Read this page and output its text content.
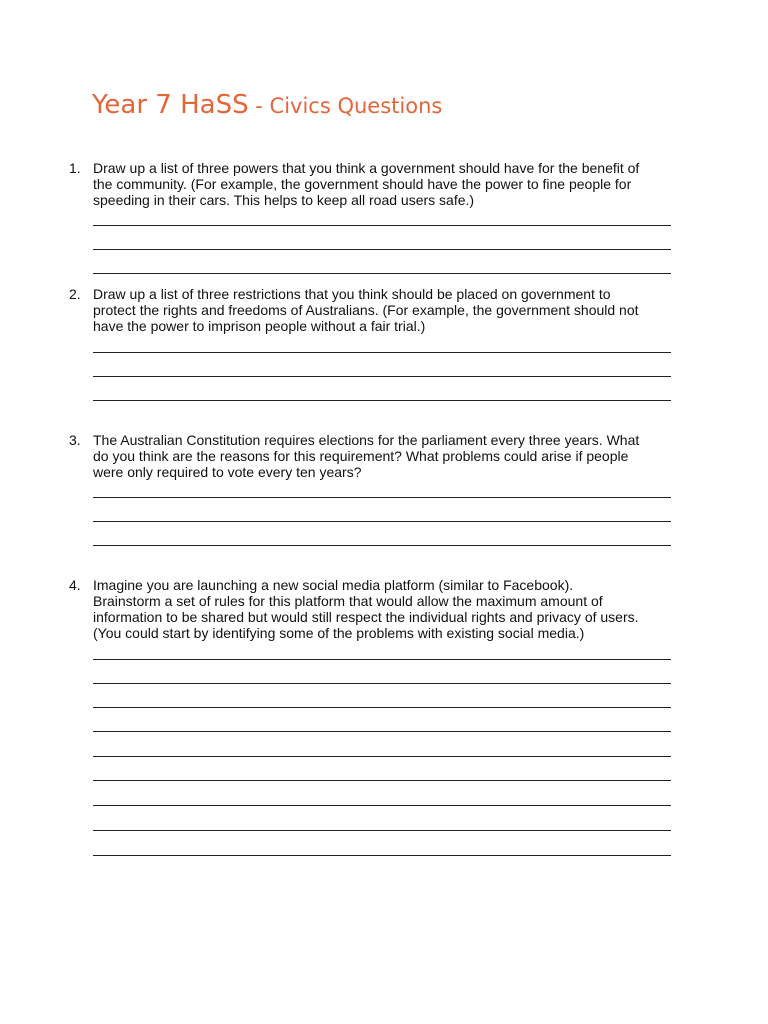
Year 7 HaSS - Civics Questions
1. Draw up a list of three powers that you think a government should have for the benefit of
the community. (For example, the government should have the power to fine people for
speeding in their cars. This helps to keep all road users safe.)
2. Draw up a list of three restrictions that you think should be placed on government to
protect the rights and freedoms of Australians. (For example, the government should not
have the power to imprison people without a fair trial.)
3. The Australian Constitution requires elections for the parliament every three years. What
do you think are the reasons for this requirement? What problems could arise if people
were only required to vote every ten years?
4. Imagine you are launching a new social media platform (similar to Facebook).
Brainstorm a set of rules for this platform that would allow the maximum amount of
information to be shared but would still respect the individual rights and privacy of users.
(You could start by identifying some of the problems with existing social media.)
